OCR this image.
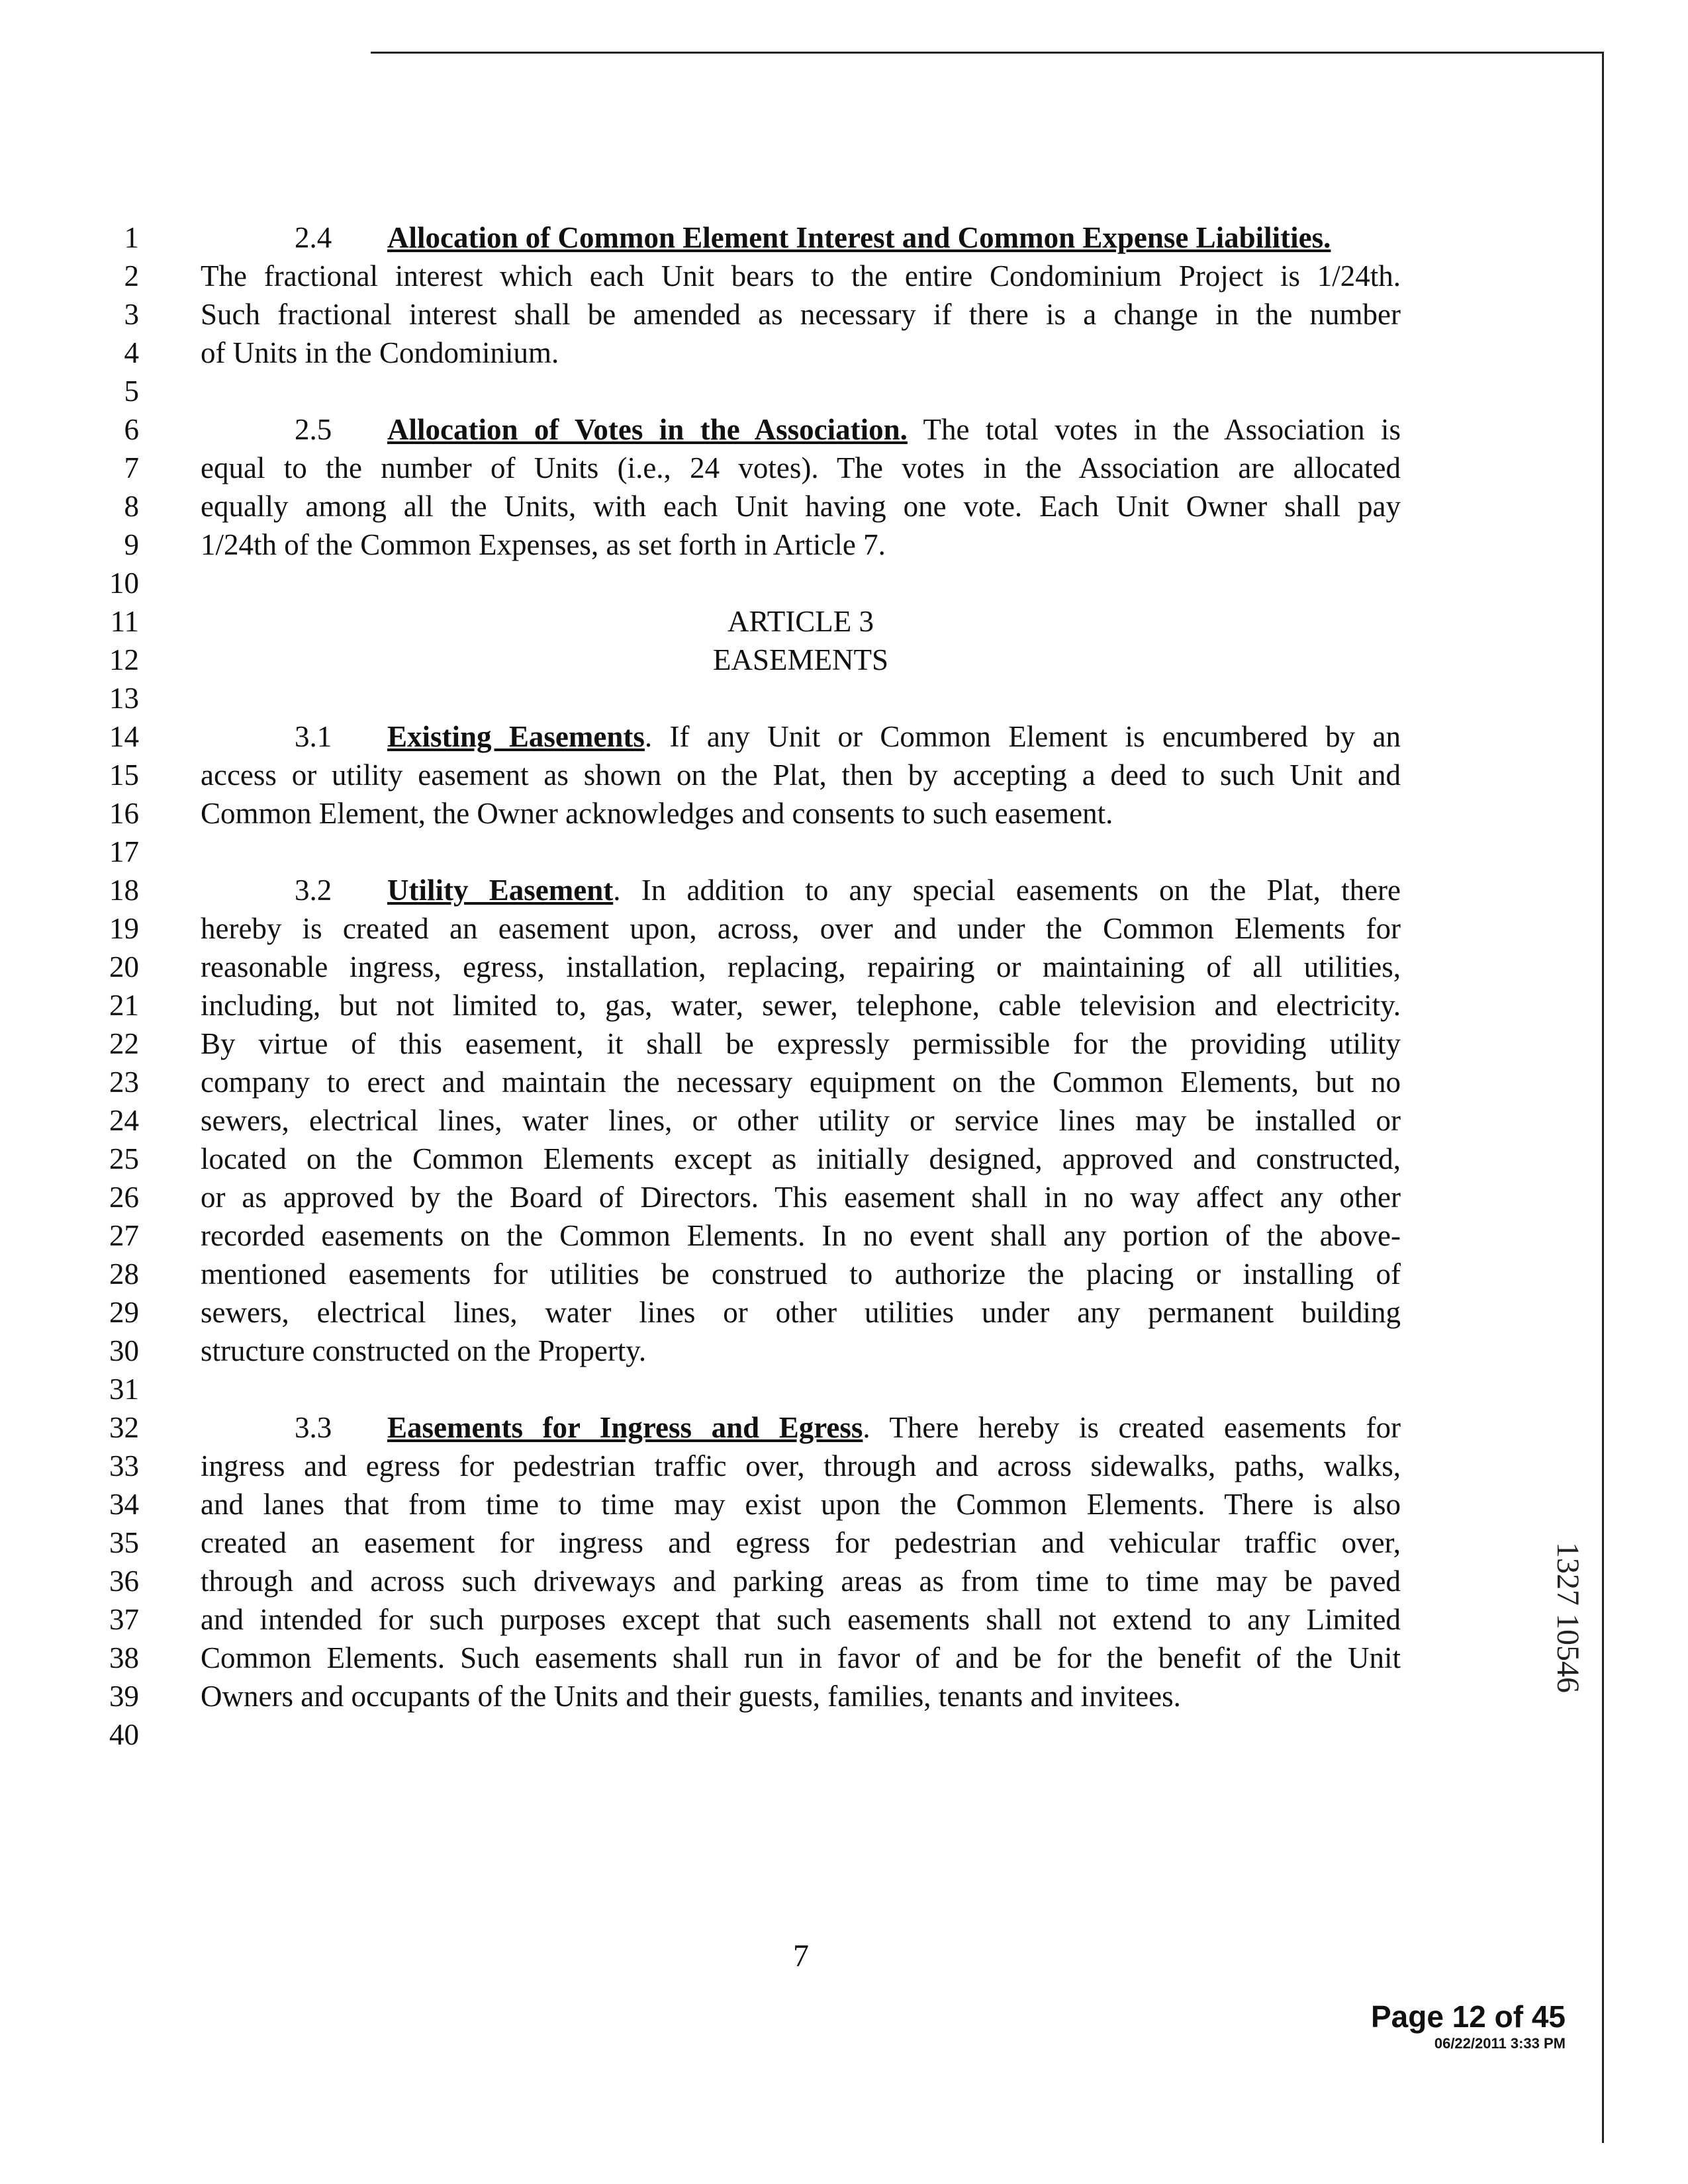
1
2
3
4
5
6
7
8
9
10
11
12
13
14
15
16
17
18
19
20
21
22
23
24
25
26
27
28
29
30
31
32
33
34
35
36
37
38
39
40
2.4 Allocation of Common Element Interest and Common Expense Liabilities.
The fractional interest which each Unit bears to the entire Condominium Project is 1/24th.
Such fractional interest shall be amended as necessary if there is a change in the number
of Units in the Condominium.
2.5 Allocation of Votes in the Association. The total votes in the Association is
equal to the number of Units (i.e., 24 votes). The votes in the Association are allocated
equally among all the Units, with each Unit having one vote. Each Unit Owner shall pay
1/24th of the Common Expenses, as set forth in Article 7.
ARTICLE 3
EASEMENTS
3.1 Existing Easements. If any Unit or Common Element is encumbered by an
access or utility easement as shown on the Plat, then by accepting a deed to such Unit and
Common Element, the Owner acknowledges and consents to such easement.
3.2 Utility Easement. In addition to any special easements on the Plat, there
hereby is created an easement upon, across, over and under the Common Elements for
reasonable ingress, egress, installation, replacing, repairing or maintaining of all utilities,
including, but not limited to, gas, water, sewer, telephone, cable television and electricity.
By virtue of this easement, it shall be expressly permissible for the providing utility
company to erect and maintain the necessary equipment on the Common Elements, but no
sewers, electrical lines, water lines, or other utility or service lines may be installed or
located on the Common Elements except as initially designed, approved and constructed,
or as approved by the Board of Directors. This easement shall in no way affect any other
recorded easements on the Common Elements. In no event shall any portion of the above-
mentioned easements for utilities be construed to authorize the placing or installing of
sewers, electrical lines, water lines or other utilities under any permanent building
structure constructed on the Property.
3.3 Easements for Ingress and Egress. There hereby is created easements for
ingress and egress for pedestrian traffic over, through and across sidewalks, paths, walks,
and lanes that from time to time may exist upon the Common Elements. There is also
created an easement for ingress and egress for pedestrian and vehicular traffic over,
through and across such driveways and parking areas as from time to time may be paved
and intended for such purposes except that such easements shall not extend to any Limited
Common Elements. Such easements shall run in favor of and be for the benefit of the Unit
Owners and occupants of the Units and their guests, families, tenants and invitees.
1327 10546
7
Page 12 of 45
06/22/2011 3:33 PM
